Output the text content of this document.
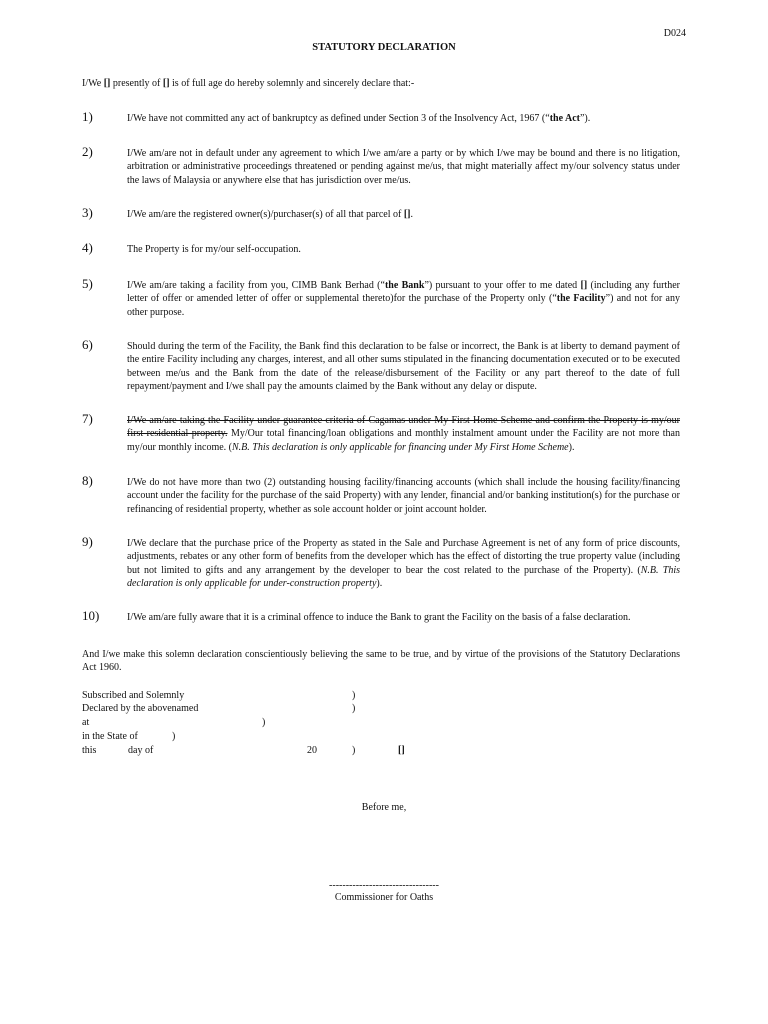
D024
STATUTORY DECLARATION
I/We [] presently of [] is of full age do hereby solemnly and sincerely declare that:-
1)	I/We have not committed any act of bankruptcy as defined under Section 3 of the Insolvency Act, 1967 (“the Act”).
2)	I/We am/are not in default under any agreement to which I/we am/are a party or by which I/we may be bound and there is no litigation, arbitration or administrative proceedings threatened or pending against me/us, that might materially affect my/our solvency status under the laws of Malaysia or anywhere else that has jurisdiction over me/us.
3)	I/We am/are the registered owner(s)/purchaser(s) of all that parcel of [].
4)	The Property is for my/our self-occupation.
5)	I/We am/are taking a facility from you, CIMB Bank Berhad (“the Bank”) pursuant to your offer to me dated [] (including any further letter of offer or amended letter of offer or supplemental thereto)for the purchase of the Property only (“the Facility”) and not for any other purpose.
6)	Should during the term of the Facility, the Bank find this declaration to be false or incorrect, the Bank is at liberty to demand payment of the entire Facility including any charges, interest, and all other sums stipulated in the financing documentation executed or to be executed between me/us and the Bank from the date of the release/disbursement of the Facility or any part thereof to the date of full repayment/payment and I/we shall pay the amounts claimed by the Bank without any delay or dispute.
7)	I/We am/are taking the Facility under guarantee criteria of Cagamas under My First Home Scheme and confirm the Property is my/our first residential property. My/Our total financing/loan obligations and monthly instalment amount under the Facility are not more than my/our monthly income. (N.B. This declaration is only applicable for financing under My First Home Scheme).
8)	I/We do not have more than two (2) outstanding housing facility/financing accounts (which shall include the housing facility/financing account under the facility for the purchase of the said Property) with any lender, financial and/or banking institution(s) for the purchase or refinancing of residential property, whether as sole account holder or joint account holder.
9)	I/We declare that the purchase price of the Property as stated in the Sale and Purchase Agreement is net of any form of price discounts, adjustments, rebates or any other form of benefits from the developer which has the effect of distorting the true property value (including but not limited to gifts and any arrangement by the developer to bear the cost related to the purchase of the Property). (N.B. This declaration is only applicable for under-construction property).
10)	I/We am/are fully aware that it is a criminal offence to induce the Bank to grant the Facility on the basis of a false declaration.
And I/we make this solemn declaration conscientiously believing the same to be true, and by virtue of the provisions of the Statutory Declarations Act 1960.
Subscribed and Solemnly	)
Declared by the abovenamed	)
at	)
in the State of	)
this	day of	20	)	[]
Before me,
---------------------------------
Commissioner for Oaths
